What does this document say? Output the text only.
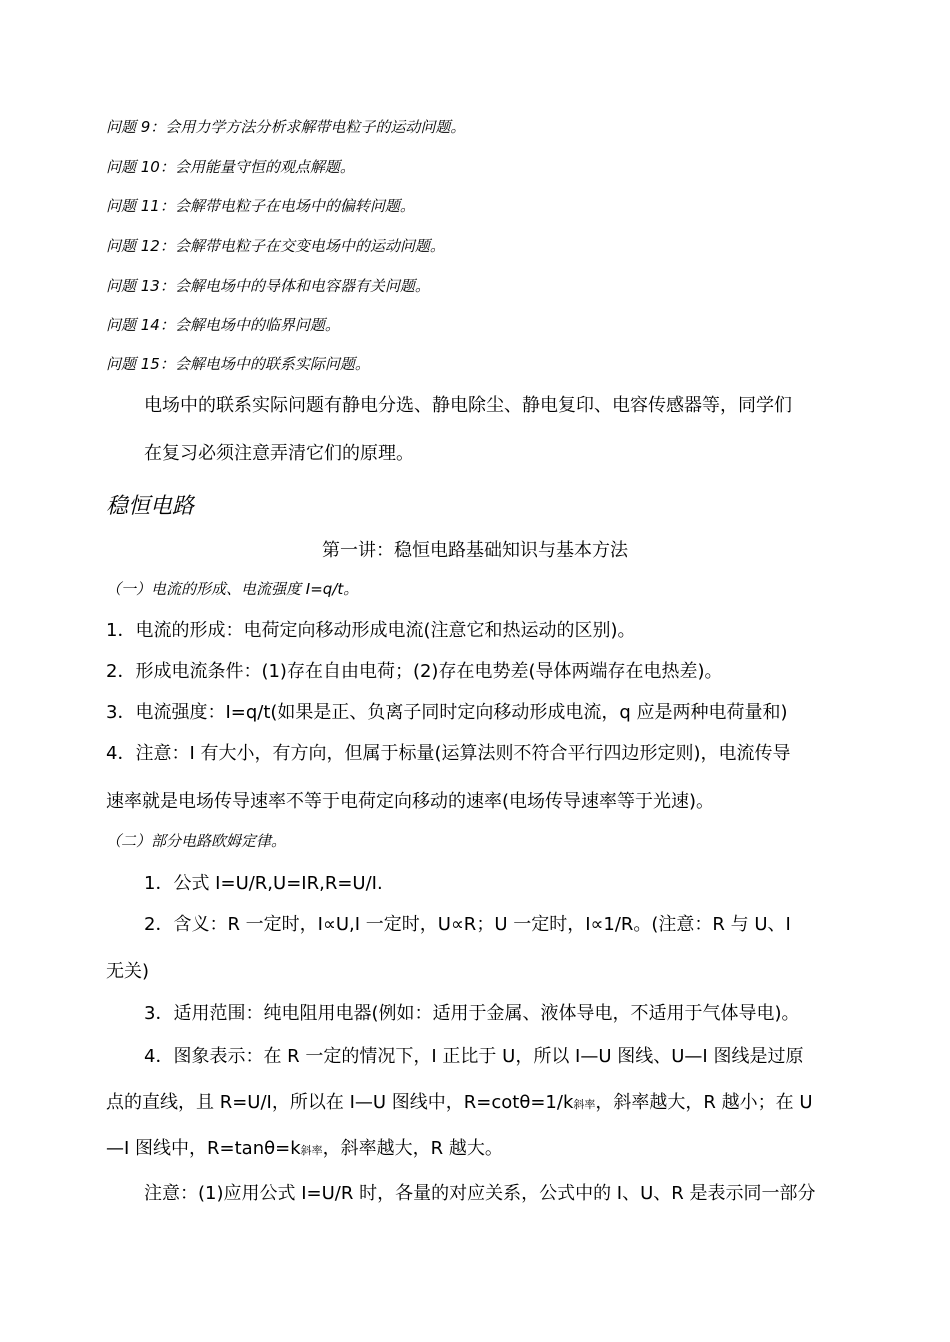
问题 9：会用力学方法分析求解带电粒子的运动问题。
问题 10：会用能量守恒的观点解题。
问题 11：会解带电粒子在电场中的偏转问题。
问题 12：会解带电粒子在交变电场中的运动问题。
问题 13：会解电场中的导体和电容器有关问题。
问题 14：会解电场中的临界问题。
问题 15：会解电场中的联系实际问题。
电场中的联系实际问题有静电分选、静电除尘、静电复印、电容传感器等，同学们
在复习必须注意弄清它们的原理。
稳恒电路
第一讲：稳恒电路基础知识与基本方法
（一）电流的形成、电流强度 I=q/t。
1．电流的形成：电荷定向移动形成电流(注意它和热运动的区别)。
2．形成电流条件：(1)存在自由电荷；(2)存在电势差(导体两端存在电热差)。
3．电流强度：I=q/t(如果是正、负离子同时定向移动形成电流，q 应是两种电荷量和)
4．注意：I 有大小，有方向，但属于标量(运算法则不符合平行四边形定则)，电流传导
速率就是电场传导速率不等于电荷定向移动的速率(电场传导速率等于光速)。
（二）部分电路欧姆定律。
1．公式 I=U/R,U=IR,R=U/I.
2．含义：R 一定时，I∝U,I 一定时，U∝R；U 一定时，I∝1/R。(注意：R 与 U、I
无关)
3．适用范围：纯电阻用电器(例如：适用于金属、液体导电，不适用于气体导电)。
4．图象表示：在 R 一定的情况下，I 正比于 U，所以 I—U 图线、U—I 图线是过原
点的直线，且 R=U/I，所以在 I—U 图线中，R=cotθ=1/k斜率，斜率越大，R 越小；在 U
—I 图线中，R=tanθ=k斜率，斜率越大，R 越大。
注意：(1)应用公式 I=U/R 时，各量的对应关系，公式中的 I、U、R 是表示同一部分
